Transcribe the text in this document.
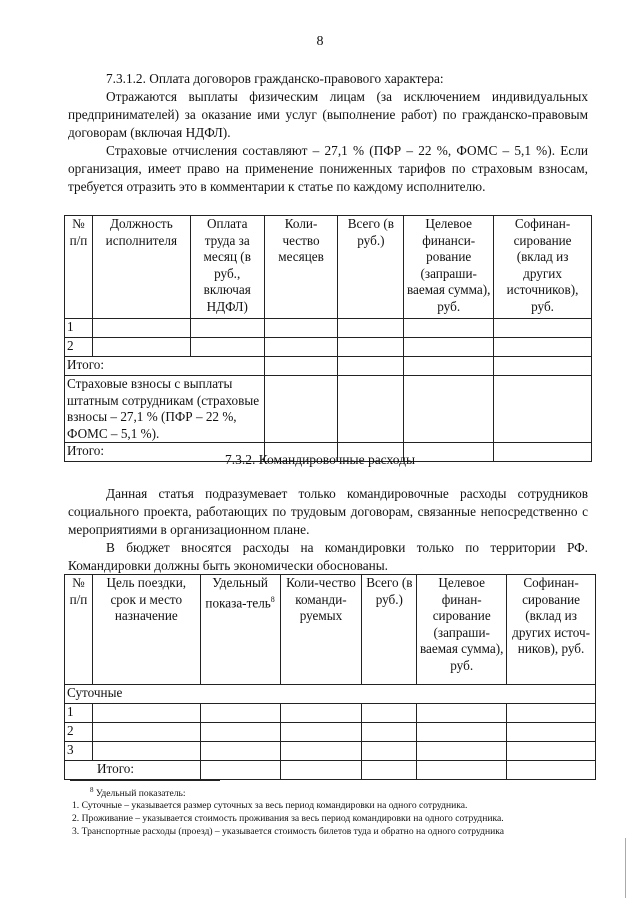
8
7.3.1.2. Оплата договоров гражданско-правового характера:
Отражаются выплаты физическим лицам (за исключением индивидуальных предпринимателей) за оказание ими услуг (выполнение работ) по гражданско-правовым договорам (включая НДФЛ).
Страховые отчисления составляют – 27,1 % (ПФР – 22 %, ФОМС – 5,1 %). Если организация, имеет право на применение пониженных тарифов по страховым взносам, требуется отразить это в комментарии к статье по каждому исполнителю.
№ п/п	Должность исполнителя	Оплата труда за месяц (в руб., включая НДФЛ)	Коли-чество месяцев	Всего (в руб.)	Целевое финанси-рование (запраши-ваемая сумма), руб.	Софинан-сирование (вклад из других источников), руб.
1						
2						
Итого:						
Страховые взносы с выплаты штатным сотрудникам (страховые взносы – 27,1 % (ПФР – 22 %, ФОМС – 5,1 %).						
Итого:						
7.3.2. Командировочные расходы
Данная статья подразумевает только командировочные расходы сотрудников социального проекта, работающих по трудовым договорам, связанные непосредственно с мероприятиями в организационном плане.
В бюджет вносятся расходы на командировки только по территории РФ. Командировки должны быть экономически обоснованы.
№ п/п	Цель поездки, срок и место назначение	Удельный показа-тель$^8$	Коли-чество команди-руемых	Всего (в руб.)	Целевое финан-сирование (запраши-ваемая сумма), руб.	Софинан-сирование (вклад из других источ-ников), руб.
Суточные						
1						
2						
3						
Итого:						
$^8$ Удельный показатель:
1. Суточные – указывается размер суточных за весь период командировки на одного сотрудника.
2. Проживание – указывается стоимость проживания за весь период командировки на одного сотрудника.
3. Транспортные расходы (проезд) – указывается стоимость билетов туда и обратно на одного сотрудника
